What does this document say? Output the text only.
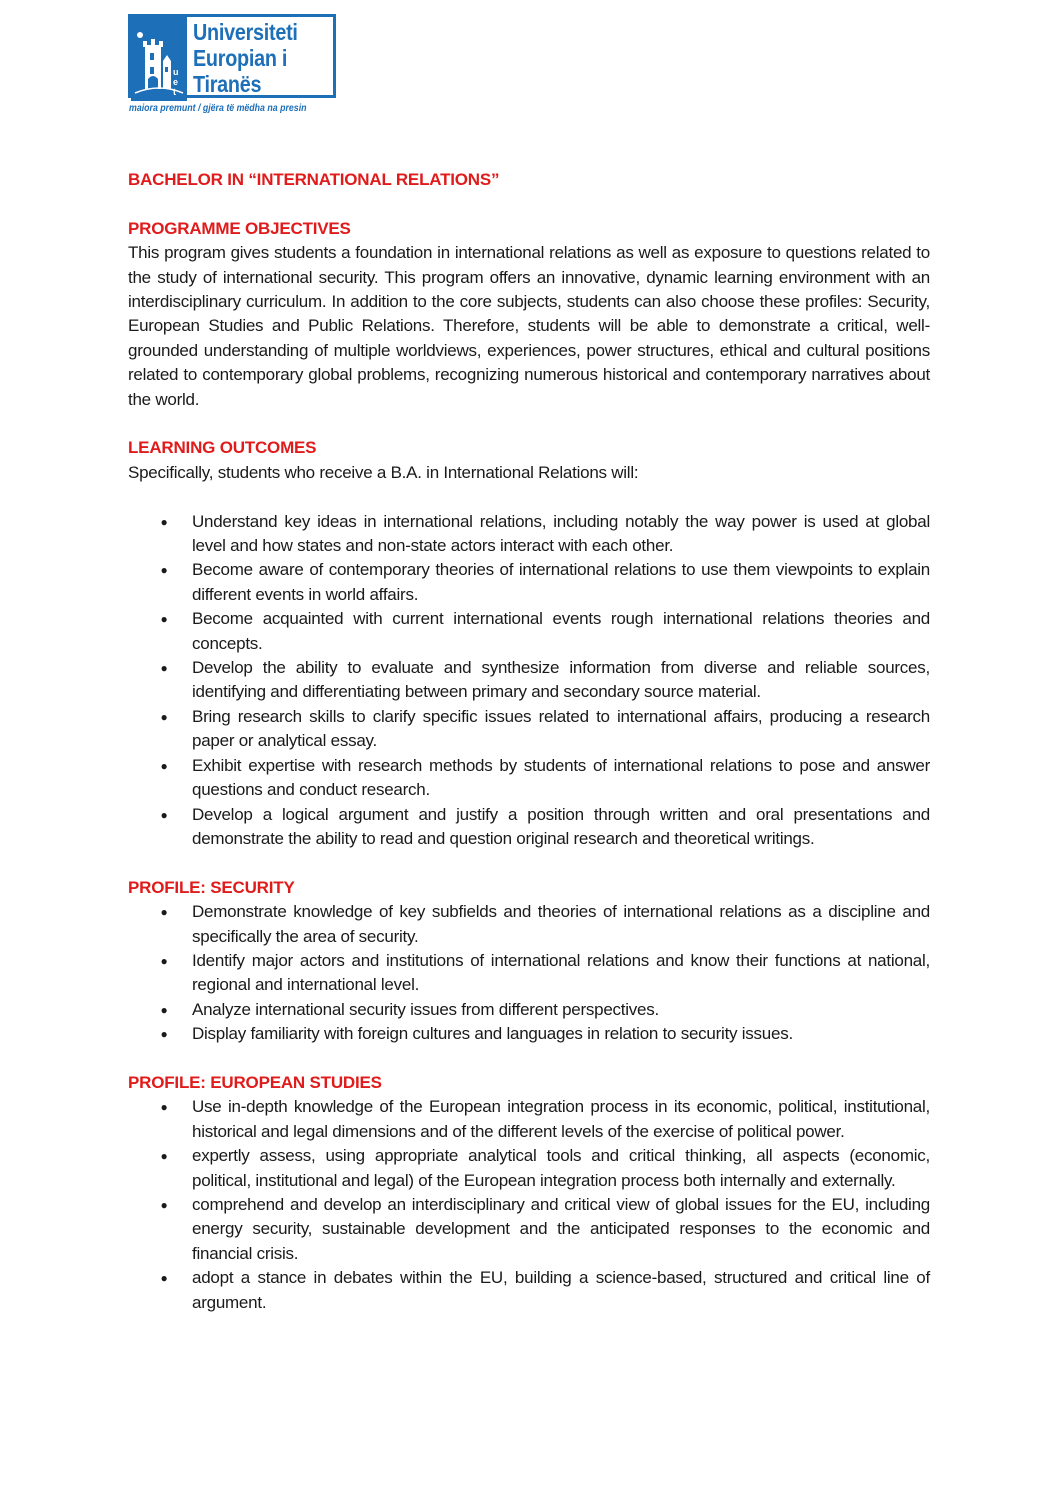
u
e
t
Universiteti
Europian i
Tiranës
maiora premunt / gjëra të mëdha na presin
BACHELOR IN “INTERNATIONAL RELATIONS”
PROGRAMME OBJECTIVES

This program gives students a foundation in international relations as well as exposure to questions related to the study of international security. This program offers an innovative, dynamic learning environment with an interdisciplinary curriculum. In addition to the core subjects, students can also choose these profiles: Security, European Studies and Public Relations. Therefore, students will be able to demonstrate a critical, well-grounded understanding of multiple worldviews, experiences, power structures, ethical and cultural positions related to contemporary global problems, recognizing numerous historical and contemporary narratives about the world.

LEARNING OUTCOMES

Specifically, students who receive a B.A. in International Relations will:

● Understand key ideas in international relations, including notably the way power is used at global level and how states and non-state actors interact with each other.
● Become aware of contemporary theories of international relations to use them viewpoints to explain different events in world affairs.
● Become acquainted with current international events rough international relations theories and concepts.
● Develop the ability to evaluate and synthesize information from diverse and reliable sources, identifying and differentiating between primary and secondary source material.
● Bring research skills to clarify specific issues related to international affairs, producing a research paper or analytical essay.
● Exhibit expertise with research methods by students of international relations to pose and answer questions and conduct research.
● Develop a logical argument and justify a position through written and oral presentations and demonstrate the ability to read and question original research and theoretical writings.
PROFILE: SECURITY
● Demonstrate knowledge of key subfields and theories of international relations as a discipline and specifically the area of security.
● Identify major actors and institutions of international relations and know their functions at national, regional and international level.
● Analyze international security issues from different perspectives.
● Display familiarity with foreign cultures and languages in relation to security issues.
PROFILE: EUROPEAN STUDIES
● Use in-depth knowledge of the European integration process in its economic, political, institutional, historical and legal dimensions and of the different levels of the exercise of political power.
● expertly assess, using appropriate analytical tools and critical thinking, all aspects (economic, political, institutional and legal) of the European integration process both internally and externally.
● comprehend and develop an interdisciplinary and critical view of global issues for the EU, including energy security, sustainable development and the anticipated responses to the economic and financial crisis.
● adopt a stance in debates within the EU, building a science-based, structured and critical line of argument.
